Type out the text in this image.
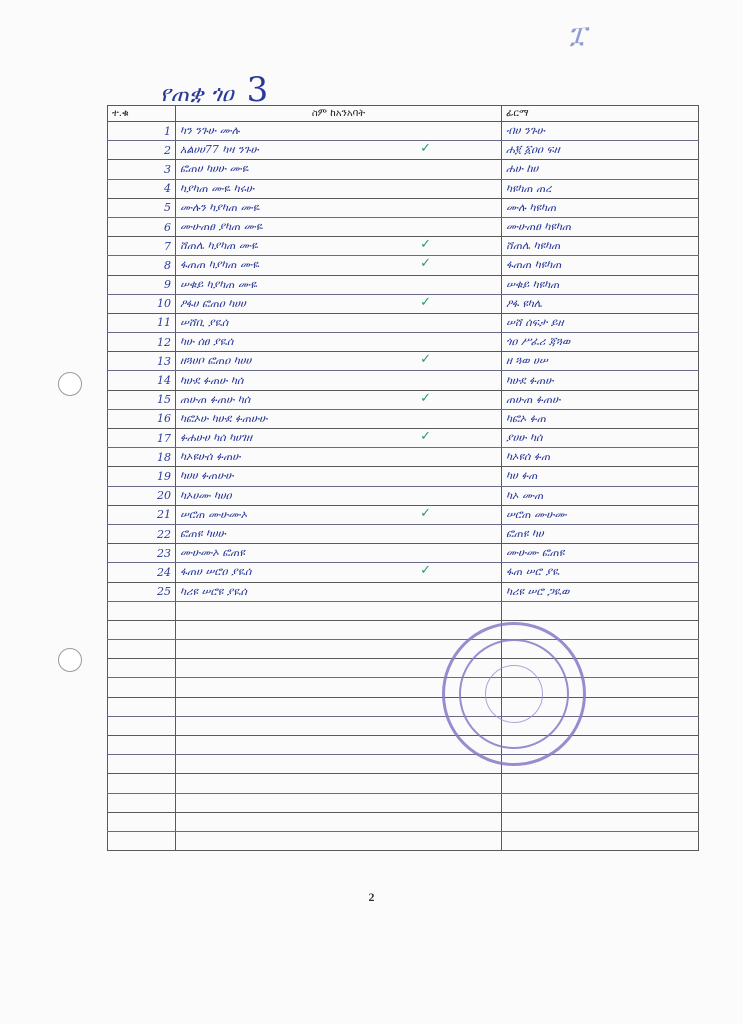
ፗ
የጠቋ ጎዐ 3
ተ.ቁ	ስም ከአንአባት	ፊርማ
1	ካን ንጉሁ ሙሉ	ብሀ ንጉሁ
2	አልሀሀ77 ካዛ ንጉሁ ✓	ሐ፪ ፩ዐዐ ፍዘ
3	ፎጠሀ ካሀሁ ሙዬ	ሐሁ ከሀ
4	ካያካጠ ሙዬ ካሩሁ	ካዩካጠ ጠረ
5	ሙሉን ካያካጠ ሙዬ	ሙሉ ካዩካጠ
6	ሙሁጠፀ ያካጠ ሙዬ	ሙሁጠፀ ካዩካጠ
7	ሸጠሌ ካያካጠ ሙዬ ✓	ሸጠሌ ካዩካጠ
8	ፋጠጠ ካያካጠ ሙዬ ✓	ፋጠጠ ካዩካጠ
9	ሠቁይ ካያካጠ ሙዬ	ሠቁይ ካዩካጠ
10	ዖፋሀ ፎጠዐ ካሀሀ ✓	ዖፋ ዩካሌ
11	ሠሸቢ ያዪሰ	ሠሸ ሰፍታ ይዘ
12	ካሁ ሰፀ ያዪሰ	ጎዐ ሥፈሪ ጃጓወ
13	ዘጓሀቦ ፎጠዐ ካሀሀ ✓	ዘ ጓወ ሀሠ
14	ካሁደ ፉጠሁ ካሰ	ካሁደ ፉጠሁ
15	ጠሁጠ ፉጠሁ ካሰ ✓	ጠሁጠ ፉጠሁ
16	ካፎኦሁ ካሁደ ፉጠሁሁ	ካፎኦ ፉጠ
17	ፉሐሁሀ ካሰ ካሀገዘ ✓	ያሀሁ ካሰ
18	ካኦዩሁሰ ፉጠሁ	ካኦዩሰ ፉጠ
19	ካሀሀ ፉጠሁሁ	ካሀ ፉጠ
20	ካኦሀሙ ካሀዐ	ካኦ ሙጠ
21	ሠሮጠ ሙሁሙኦ ✓	ሠሮጠ ሙሁሙ
22	ፎጠዩ ካሀሁ	ፎጠዩ ካሀ
23	ሙሁሙኦ ፎጠዩ	ሙሁሙ ፎጠዩ
24	ፋጠሀ ሠሮዐ ያዪሰ ✓	ፋጠ ሠሮ ያዪ
25	ካሪዩ ሠሮዩ ያዪሰ	ካሪዩ ሠሮ ጋዪወ

2
